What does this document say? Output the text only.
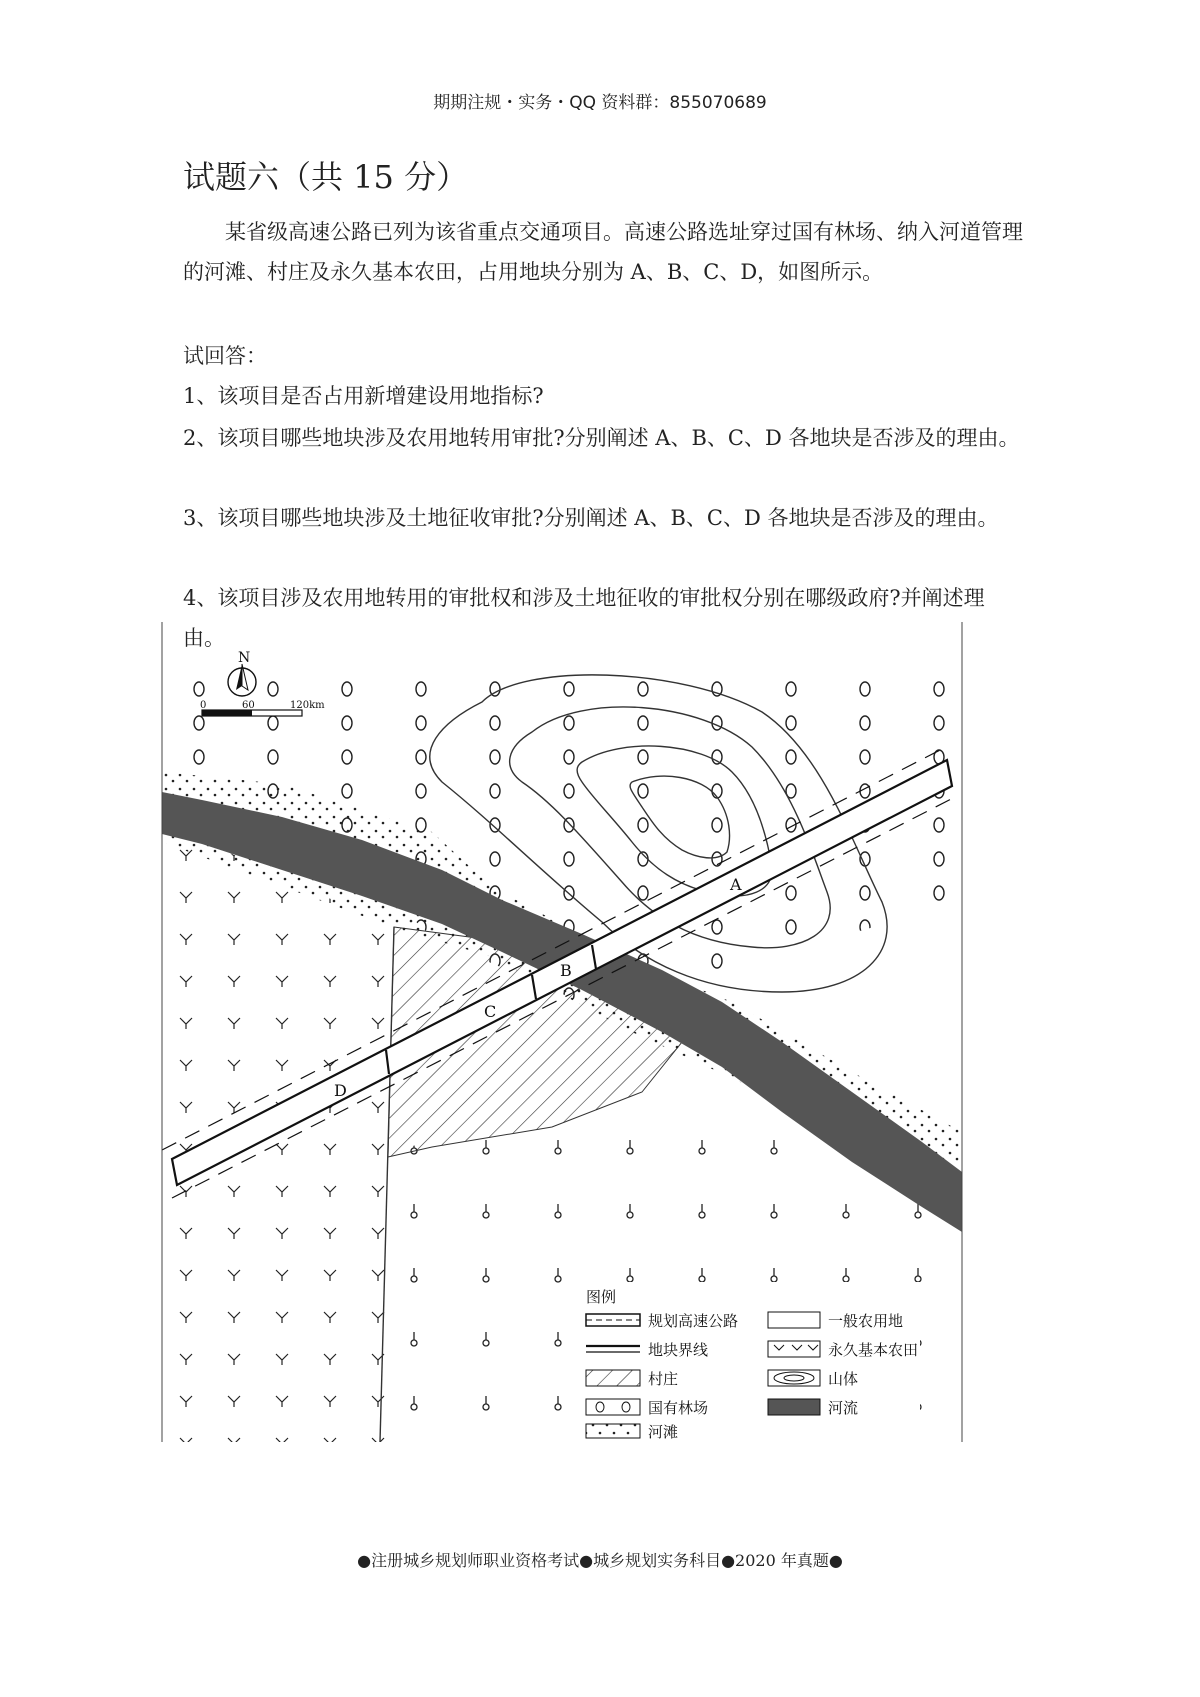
期期注规・实务・QQ 资料群：855070689
试题六（共 15 分）
某省级高速公路已列为该省重点交通项目。高速公路选址穿过国有林场、纳入河道管理的河滩、村庄及永久基本农田，占用地块分别为 A、B、C、D，如图所示。
试回答：
1、该项目是否占用新增建设用地指标?
2、该项目哪些地块涉及农用地转用审批?分别阐述 A、B、C、D 各地块是否涉及的理由。
3、该项目哪些地块涉及土地征收审批?分别阐述 A、B、C、D 各地块是否涉及的理由。
4、该项目涉及农用地转用的审批权和涉及土地征收的审批权分别在哪级政府?并阐述理由。
A
B
C
D
N
0	60	120km
图例
规划高速公路	一般农用地
地块界线	永久基本农田
村庄	山体
国有林场	河流
河滩
●注册城乡规划师职业资格考试●城乡规划实务科目●2020 年真题●
